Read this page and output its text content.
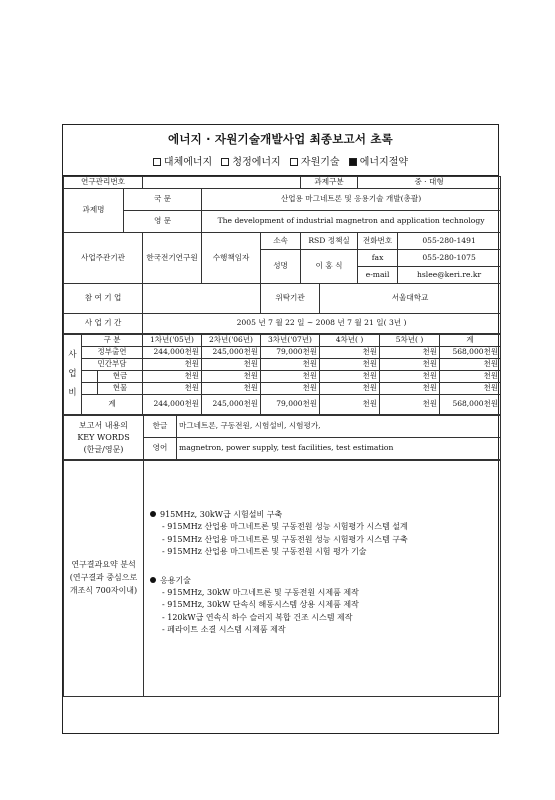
에너지 · 자원기술개발사업 최종보고서 초록
대체에너지 청정에너지 자원기술 에너지절약
연구관리번호					과제구분		중 · 대형	
과제명	국 문		산업용 마그네트론 및 응용기술 개발(총괄)					
	영 문		The development of industrial magnetron and application technology					
사업주관기관		한국전기연구원	수행책임자	소속	RSD 정책실		전화번호	055-280-1491
				성명	이 홍 식		fax	055-280-1075
							e-mail	hslee@keri.re.kr
참 여 기 업				위탁기관		서울대학교		
사 업 기 간		2005 년 7 월 22 일 ~ 2008 년 7 월 21 일( 3년 )						
사
업
비	구 분		1차년('05년)	2차년('06년)	3차년('07년)	4차년( )	5차년( )	계
	정부출연		244,000천원	245,000천원	79,000천원	천원	천원	568,000천원
	민간부담		천원	천원	천원	천원	천원	천원
		현금	천원	천원	천원	천원	천원	천원
		현물	천원	천원	천원	천원	천원	천원
	계		244,000천원	245,000천원	79,000천원	천원	천원	568,000천원
보고서 내용의
KEY WORDS
(한글/영문)	한글	마그네트론, 구동전원, 시험설비, 시험평가,
	영어	magnetron, power supply, test facilities, test estimation
연구결과요약 분석
(연구결과 중심으로
개조식 700자이내)	
915MHz, 30kW급 시험설비 구축
- 915MHz 산업용 마그네트론 및 구동전원 성능 시험평가 시스템 설계
- 915MHz 산업용 마그네트론 및 구동전원 성능 시험평가 시스템 구축
- 915MHz 산업용 마그네트론 및 구동전원 시험 평가 기술
응용기술
- 915MHz, 30kW 마그네트론 및 구동전원 시제품 제작
- 915MHz, 30kW 단속식 해동시스템 상용 시제품 제작
- 120kW급 연속식 하수 슬러지 복합 건조 시스템 제작
- 페라이트 소결 시스템 시제품 제작
